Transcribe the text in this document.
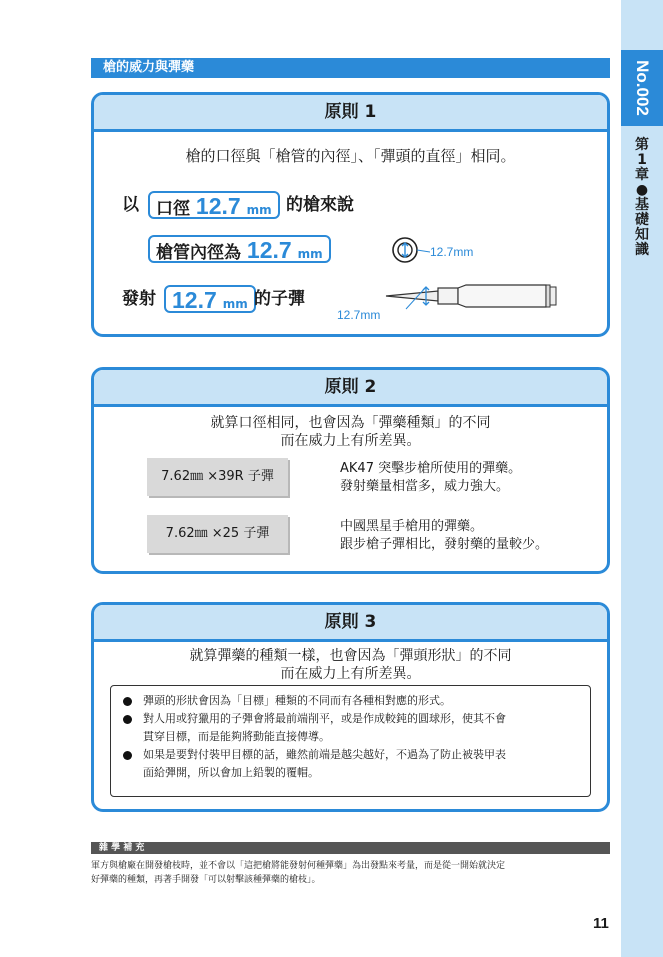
No.002
第
1
章
●
基
礎
知
識
槍的威力與彈藥
原則 1
槍的口徑與「槍管的內徑」、「彈頭的直徑」相同。
以	口徑 12.7 mm 的槍來說
槍管內徑為 12.7 mm
發射 12.7 mm 的子彈
12.7mm
12.7mm
原則 2
就算口徑相同，也會因為「彈藥種類」的不同
而在威力上有所差異。
7.62㎜ ×39R 子彈
AK47 突擊步槍所使用的彈藥。
發射藥量相當多，威力強大。
7.62㎜ ×25 子彈	中國黑星手槍用的彈藥。
跟步槍子彈相比，發射藥的量較少。
原則 3
就算彈藥的種類一樣，也會因為「彈頭形狀」的不同
而在威力上有所差異。
彈頭的形狀會因為「目標」種類的不同而有各種相對應的形式。
對人用或狩獵用的子彈會將最前端削平，或是作成較鈍的圓球形，使其不會
貫穿目標，而是能夠將動能直接傳導。
如果是要對付裝甲目標的話，雖然前端是越尖越好，不過為了防止被裝甲表
面給彈開，所以會加上鉛製的覆帽。
雜 學 補 充
軍方與槍廠在開發槍枝時，並不會以「這把槍將能發射何種彈藥」為出發點來考量，而是從一開始就決定
好彈藥的種類，再著手開發「可以射擊該種彈藥的槍枝」。
11
